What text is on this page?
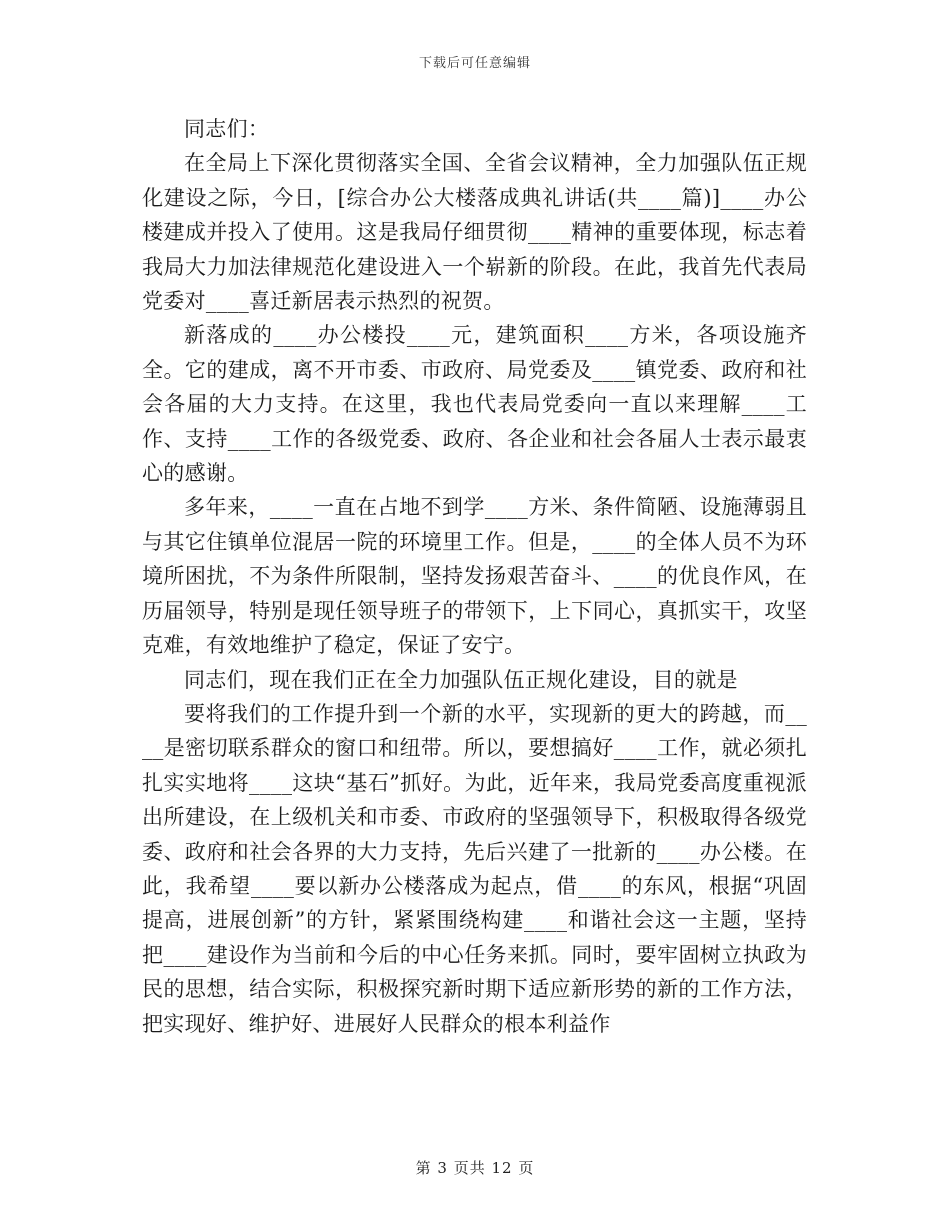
下载后可任意编辑

同志们：

在全局上下深化贯彻落实全国、全省会议精神，全力加强队伍正规化建设之际，今日，[综合办公大楼落成典礼讲话(共____篇)]____办公楼建成并投入了使用。这是我局仔细贯彻____精神的重要体现，标志着我局大力加法律规范化建设进入一个崭新的阶段。在此，我首先代表局党委对____喜迁新居表示热烈的祝贺。

新落成的____办公楼投____元，建筑面积____方米，各项设施齐全。它的建成，离不开市委、市政府、局党委及____镇党委、政府和社会各届的大力支持。在这里，我也代表局党委向一直以来理解____工作、支持____工作的各级党委、政府、各企业和社会各届人士表示最衷心的感谢。

多年来，____一直在占地不到学____方米、条件简陋、设施薄弱且与其它住镇单位混居一院的环境里工作。但是，____的全体人员不为环境所困扰，不为条件所限制，坚持发扬艰苦奋斗、____的优良作风，在历届领导，特别是现任领导班子的带领下，上下同心，真抓实干，攻坚克难，有效地维护了稳定，保证了安宁。

同志们，现在我们正在全力加强队伍正规化建设，目的就是

要将我们的工作提升到一个新的水平，实现新的更大的跨越，而____是密切联系群众的窗口和纽带。所以，要想搞好____工作，就必须扎扎实实地将____这块“基石”抓好。为此，近年来，我局党委高度重视派出所建设，在上级机关和市委、市政府的坚强领导下，积极取得各级党委、政府和社会各界的大力支持，先后兴建了一批新的____办公楼。在此，我希望____要以新办公楼落成为起点，借____的东风，根据“巩固提高，进展创新”的方针，紧紧围绕构建____和谐社会这一主题，坚持把____建设作为当前和今后的中心任务来抓。同时，要牢固树立执政为民的思想，结合实际，积极探究新时期下适应新形势的新的工作方法，把实现好、维护好、进展好人民群众的根本利益作

第 3 页共 12 页
